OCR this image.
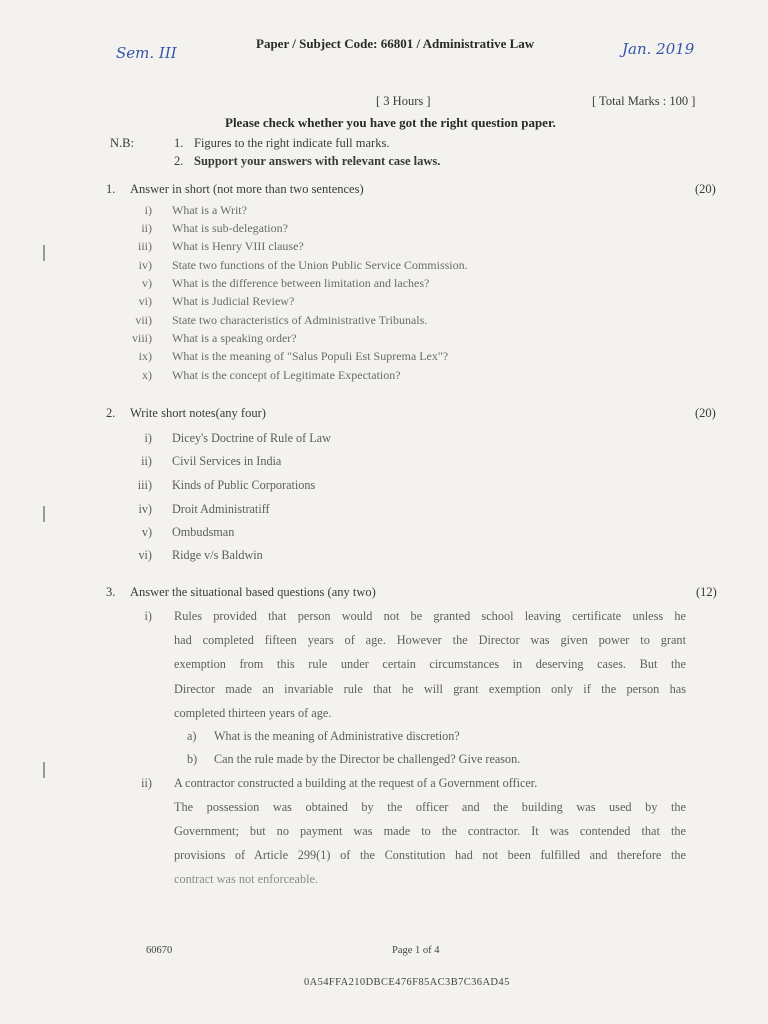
Sem. III	Jan. 2019
Paper / Subject Code: 66801 / Administrative Law
[ 3 Hours ]	[ Total Marks : 100 ]
Please check whether you have got the right question paper.
N.B:	1. Figures to the right indicate full marks.
2. Support your answers with relevant case laws.
1. Answer in short (not more than two sentences)	(20)
i) What is a Writ?
ii) What is sub-delegation?
iii) What is Henry VIII clause?
iv) State two functions of the Union Public Service Commission.
v) What is the difference between limitation and laches?
vi) What is Judicial Review?
vii) State two characteristics of Administrative Tribunals.
viii) What is a speaking order?
ix) What is the meaning of "Salus Populi Est Suprema Lex"?
x) What is the concept of Legitimate Expectation?
2. Write short notes(any four)	(20)
i) Dicey's Doctrine of Rule of Law
ii) Civil Services in India
iii) Kinds of Public Corporations
iv) Droit Administratiff
v) Ombudsman
vi) Ridge v/s Baldwin
3. Answer the situational based questions (any two)	(12)
i) Rules provided that person would not be granted school leaving certificate unless he
had completed fifteen years of age. However the Director was given power to grant
exemption from this rule under certain circumstances in deserving cases. But the
Director made an invariable rule that he will grant exemption only if the person has
completed thirteen years of age.
a) What is the meaning of Administrative discretion?
b) Can the rule made by the Director be challenged? Give reason.
ii) A contractor constructed a building at the request of a Government officer.
The possession was obtained by the officer and the building was used by the
Government; but no payment was made to the contractor. It was contended that the
provisions of Article 299(1) of the Constitution had not been fulfilled and therefore the
contract was not enforceable.
60670	Page 1 of 4
0A54FFA210DBCE476F85AC3B7C36AD45
